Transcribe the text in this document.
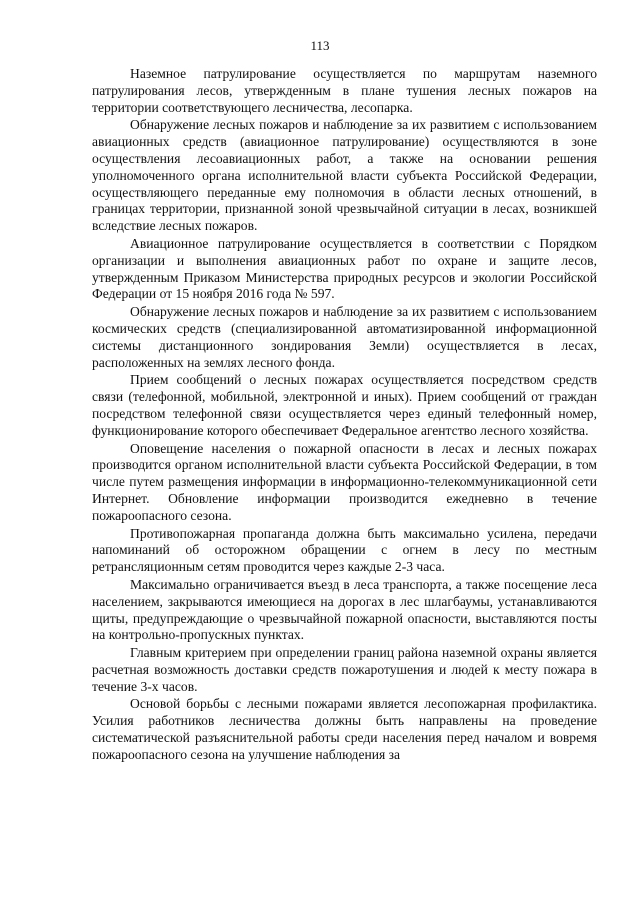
113

Наземное патрулирование осуществляется по маршрутам наземного патрулирования лесов, утвержденным в плане тушения лесных пожаров на территории соответствующего лесничества, лесопарка.

Обнаружение лесных пожаров и наблюдение за их развитием с использованием авиационных средств (авиационное патрулирование) осуществляются в зоне осуществления лесоавиационных работ, а также на основании решения уполномоченного органа исполнительной власти субъекта Российской Федерации, осуществляющего переданные ему полномочия в области лесных отношений, в границах территории, признанной зоной чрезвычайной ситуации в лесах, возникшей вследствие лесных пожаров.

Авиационное патрулирование осуществляется в соответствии с Порядком организации и выполнения авиационных работ по охране и защите лесов, утвержденным Приказом Министерства природных ресурсов и экологии Российской Федерации от 15 ноября 2016 года № 597.

Обнаружение лесных пожаров и наблюдение за их развитием с использованием космических средств (специализированной автоматизированной информационной системы дистанционного зондирования Земли) осуществляется в лесах, расположенных на землях лесного фонда.

Прием сообщений о лесных пожарах осуществляется посредством средств связи (телефонной, мобильной, электронной и иных). Прием сообщений от граждан посредством телефонной связи осуществляется через единый телефонный номер, функционирование которого обеспечивает Федеральное агентство лесного хозяйства.

Оповещение населения о пожарной опасности в лесах и лесных пожарах производится органом исполнительной власти субъекта Российской Федерации, в том числе путем размещения информации в информационно-телекоммуникационной сети Интернет. Обновление информации производится ежедневно в течение пожароопасного сезона.

Противопожарная пропаганда должна быть максимально усилена, передачи напоминаний об осторожном обращении с огнем в лесу по местным ретрансляционным сетям проводится через каждые 2-3 часа.

Максимально ограничивается въезд в леса транспорта, а также посещение леса населением, закрываются имеющиеся на дорогах в лес шлагбаумы, устанавливаются щиты, предупреждающие о чрезвычайной пожарной опасности, выставляются посты на контрольно-пропускных пунктах.

Главным критерием при определении границ района наземной охраны является расчетная возможность доставки средств пожаротушения и людей к месту пожара в течение 3-х часов.

Основой борьбы с лесными пожарами является лесопожарная профилактика. Усилия работников лесничества должны быть направлены на проведение систематической разъяснительной работы среди населения перед началом и вовремя пожароопасного сезона на улучшение наблюдения за
